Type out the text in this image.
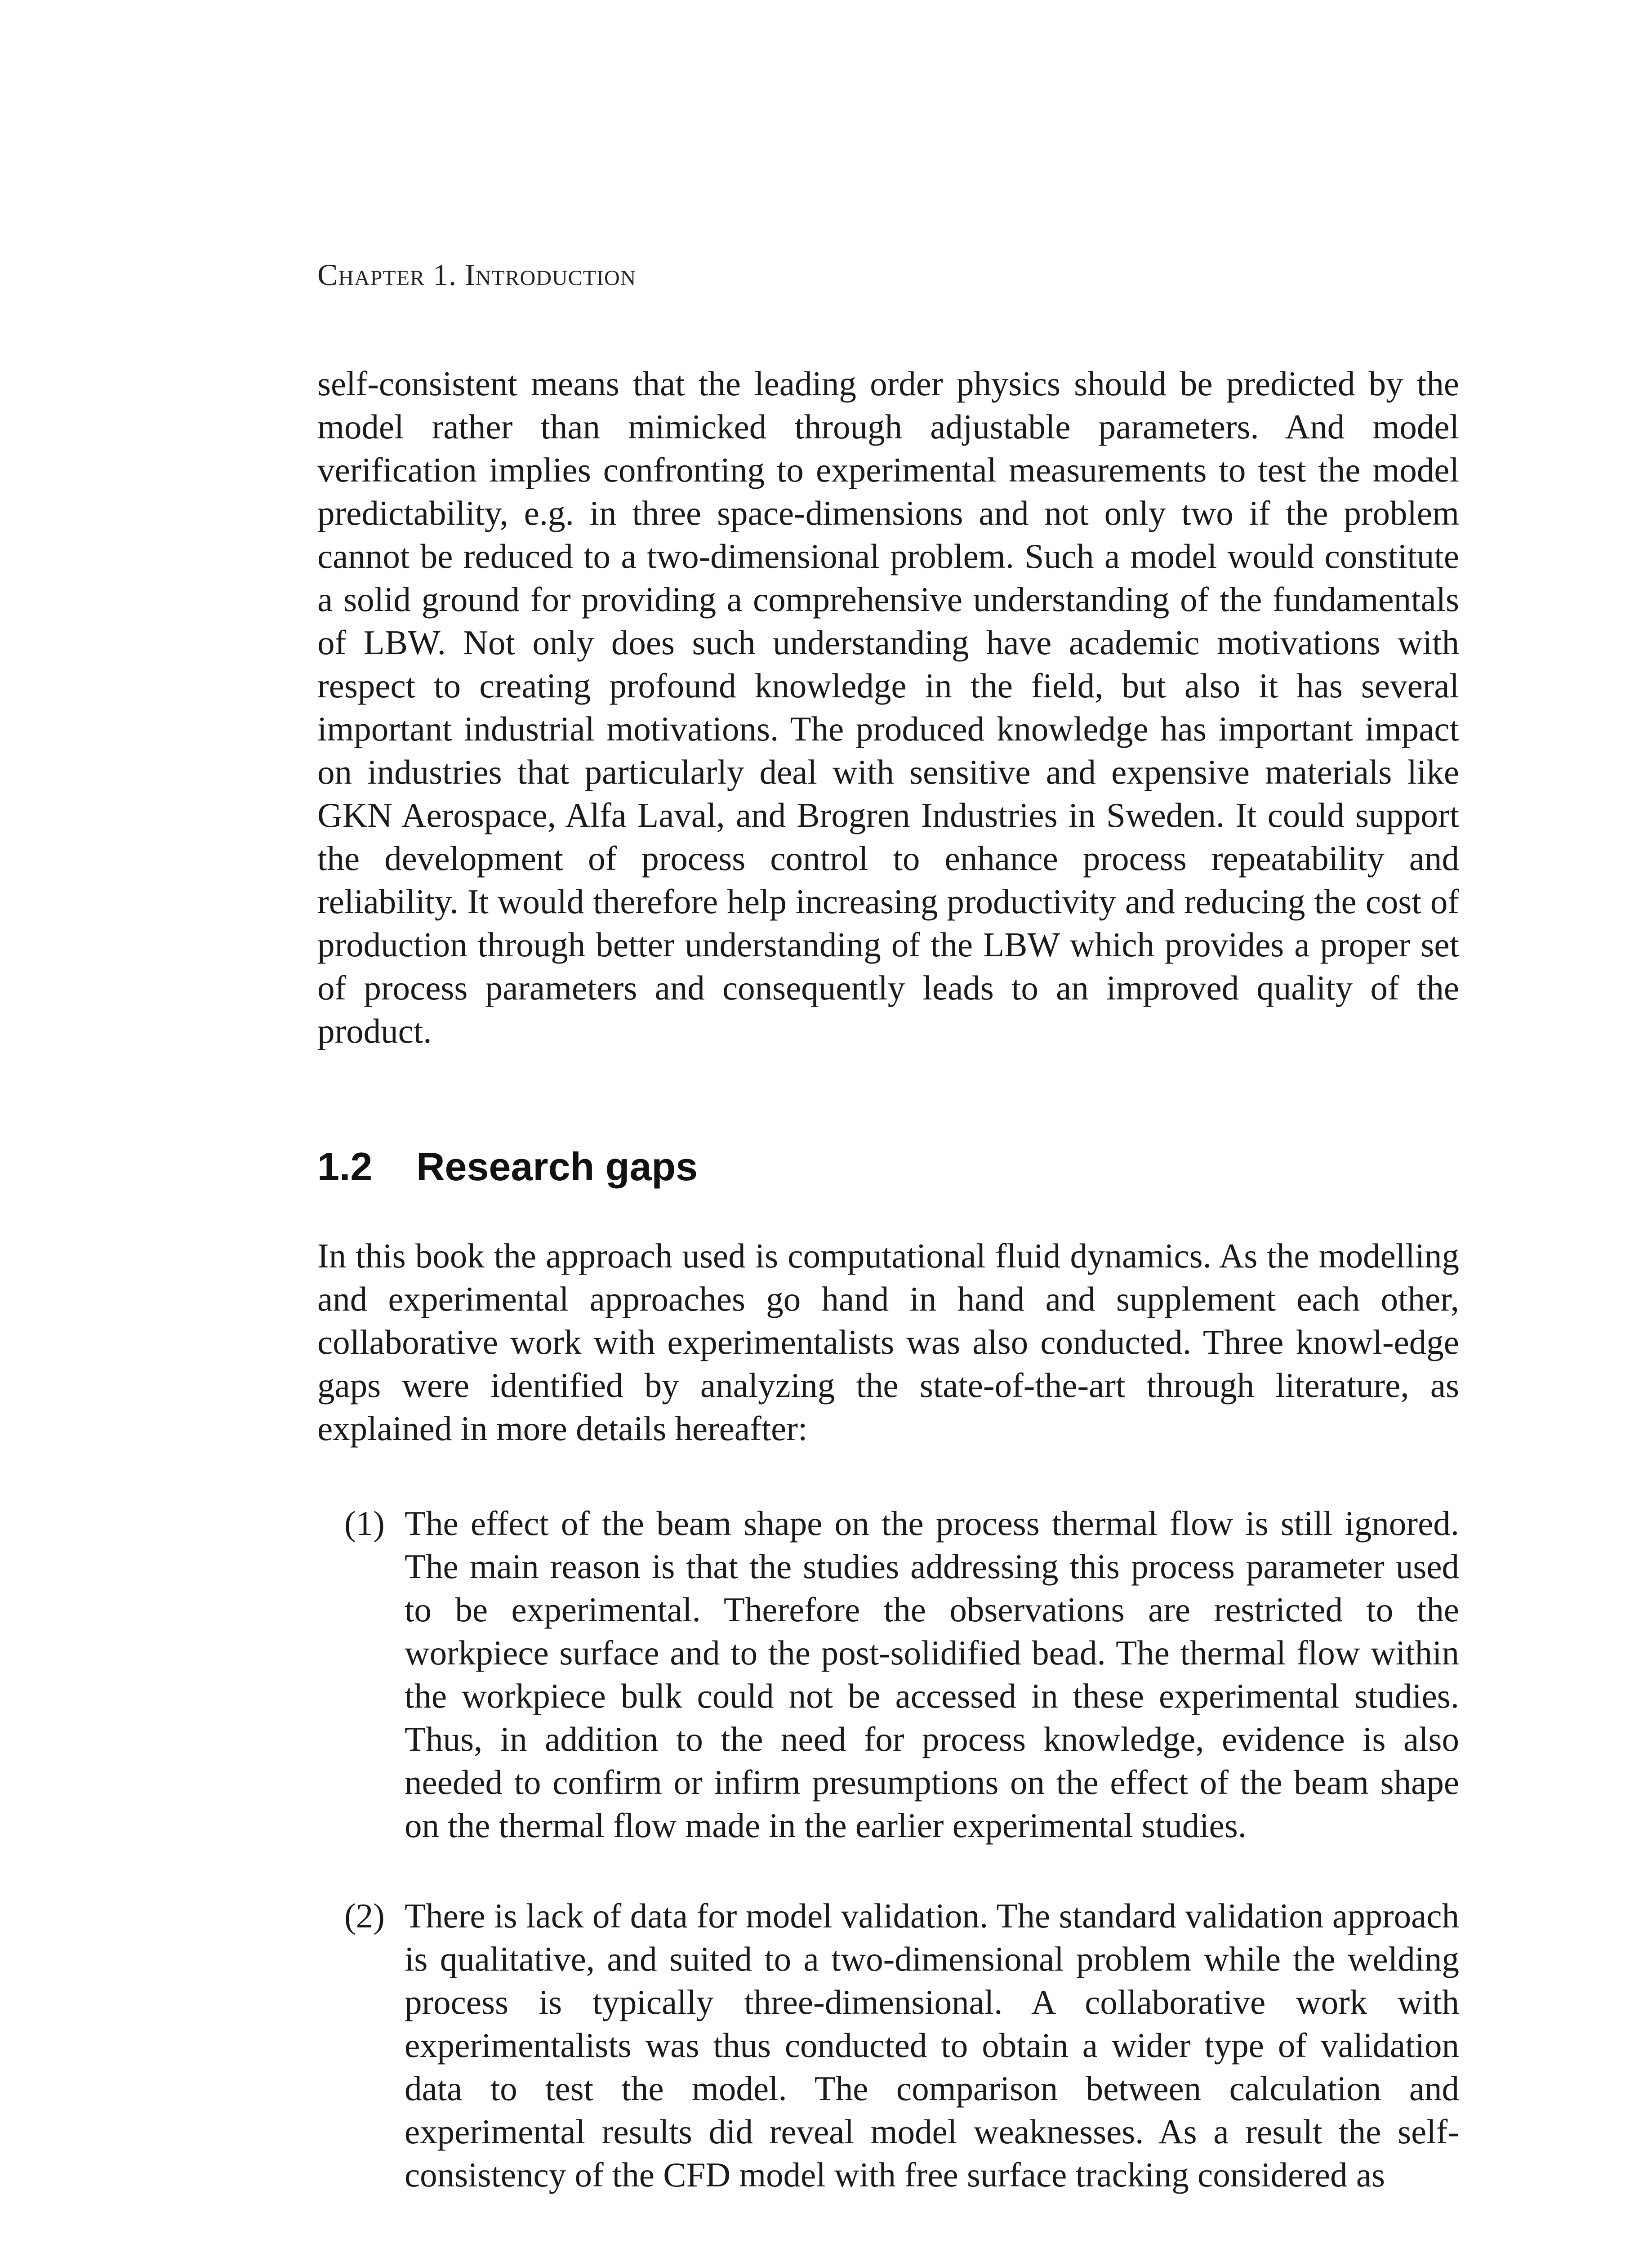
Chapter 1. Introduction

self-consistent means that the leading order physics should be predicted by the model rather than mimicked through adjustable parameters. And model verification implies confronting to experimental measurements to test the model predictability, e.g. in three space-dimensions and not only two if the problem cannot be reduced to a two-dimensional problem. Such a model would constitute a solid ground for providing a comprehensive understanding of the fundamentals of LBW. Not only does such understanding have academic motivations with respect to creating profound knowledge in the field, but also it has several important industrial motivations. The produced knowledge has important impact on industries that particularly deal with sensitive and expensive materials like GKN Aerospace, Alfa Laval, and Brogren Industries in Sweden. It could support the development of process control to enhance process repeatability and reliability. It would therefore help increasing productivity and reducing the cost of production through better understanding of the LBW which provides a proper set of process parameters and consequently leads to an improved quality of the product.

1.2 Research gaps

In this book the approach used is computational fluid dynamics. As the modelling and experimental approaches go hand in hand and supplement each other, collaborative work with experimentalists was also conducted. Three knowl-edge gaps were identified by analyzing the state-of-the-art through literature, as explained in more details hereafter:

(1) The effect of the beam shape on the process thermal flow is still ignored. The main reason is that the studies addressing this process parameter used to be experimental. Therefore the observations are restricted to the workpiece surface and to the post-solidified bead. The thermal flow within the workpiece bulk could not be accessed in these experimental studies. Thus, in addition to the need for process knowledge, evidence is also needed to confirm or infirm presumptions on the effect of the beam shape on the thermal flow made in the earlier experimental studies.
(2) There is lack of data for model validation. The standard validation approach is qualitative, and suited to a two-dimensional problem while the welding process is typically three-dimensional. A collaborative work with experimentalists was thus conducted to obtain a wider type of validation data to test the model. The comparison between calculation and experimental results did reveal model weaknesses. As a result the self-consistency of the CFD model with free surface tracking considered as
